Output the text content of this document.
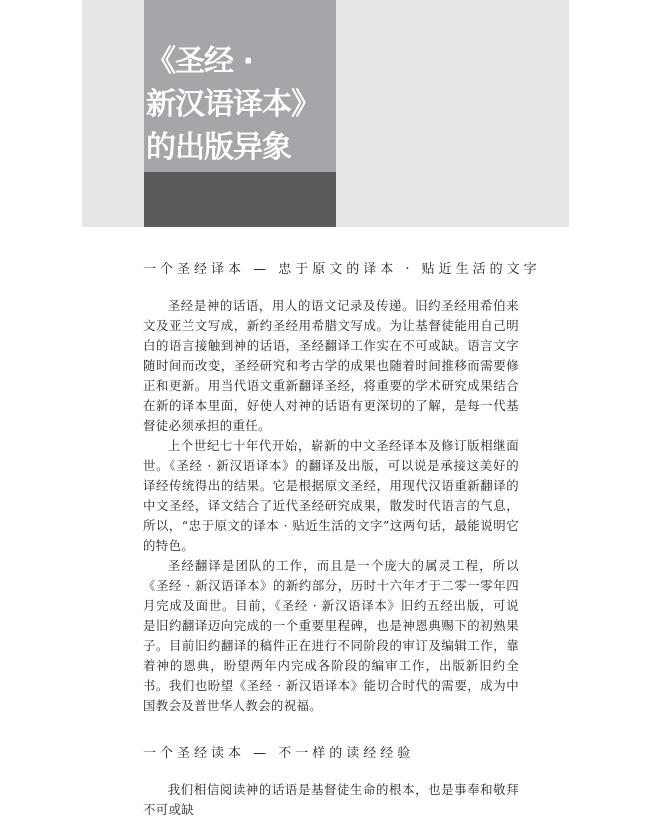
《圣经 ·
新汉语译本》
的出版异象
一个圣经译本 — 忠于原文的译本 · 贴近生活的文字

圣经是神的话语，用人的语文记录及传递。旧约圣经用希伯来文及亚兰文写成，新约圣经用希腊文写成。为让基督徒能用自己明白的语言接触到神的话语，圣经翻译工作实在不可或缺。语言文字随时间而改变，圣经研究和考古学的成果也随着时间推移而需要修正和更新。用当代语文重新翻译圣经，将重要的学术研究成果结合在新的译本里面，好使人对神的话语有更深切的了解，是每一代基督徒必须承担的重任。

上个世纪七十年代开始，崭新的中文圣经译本及修订版相继面世。《圣经 · 新汉语译本》的翻译及出版，可以说是承接这美好的译经传统得出的结果。它是根据原文圣经，用现代汉语重新翻译的中文圣经，译文结合了近代圣经研究成果，散发时代语言的气息，所以，“忠于原文的译本 · 贴近生活的文字”这两句话，最能说明它的特色。

圣经翻译是团队的工作，而且是一个庞大的属灵工程，所以《圣经 · 新汉语译本》的新约部分，历时十六年才于二零一零年四月完成及面世。目前，《圣经 · 新汉语译本》旧约五经出版，可说是旧约翻译迈向完成的一个重要里程碑，也是神恩典赐下的初熟果子。目前旧约翻译的稿件正在进行不同阶段的审订及编辑工作，靠着神的恩典，盼望两年内完成各阶段的编审工作，出版新旧约全书。我们也盼望《圣经 · 新汉语译本》能切合时代的需要，成为中国教会及普世华人教会的祝福。

一个圣经读本 — 不一样的读经经验

我们相信阅读神的话语是基督徒生命的根本，也是事奉和敬拜不可或缺
